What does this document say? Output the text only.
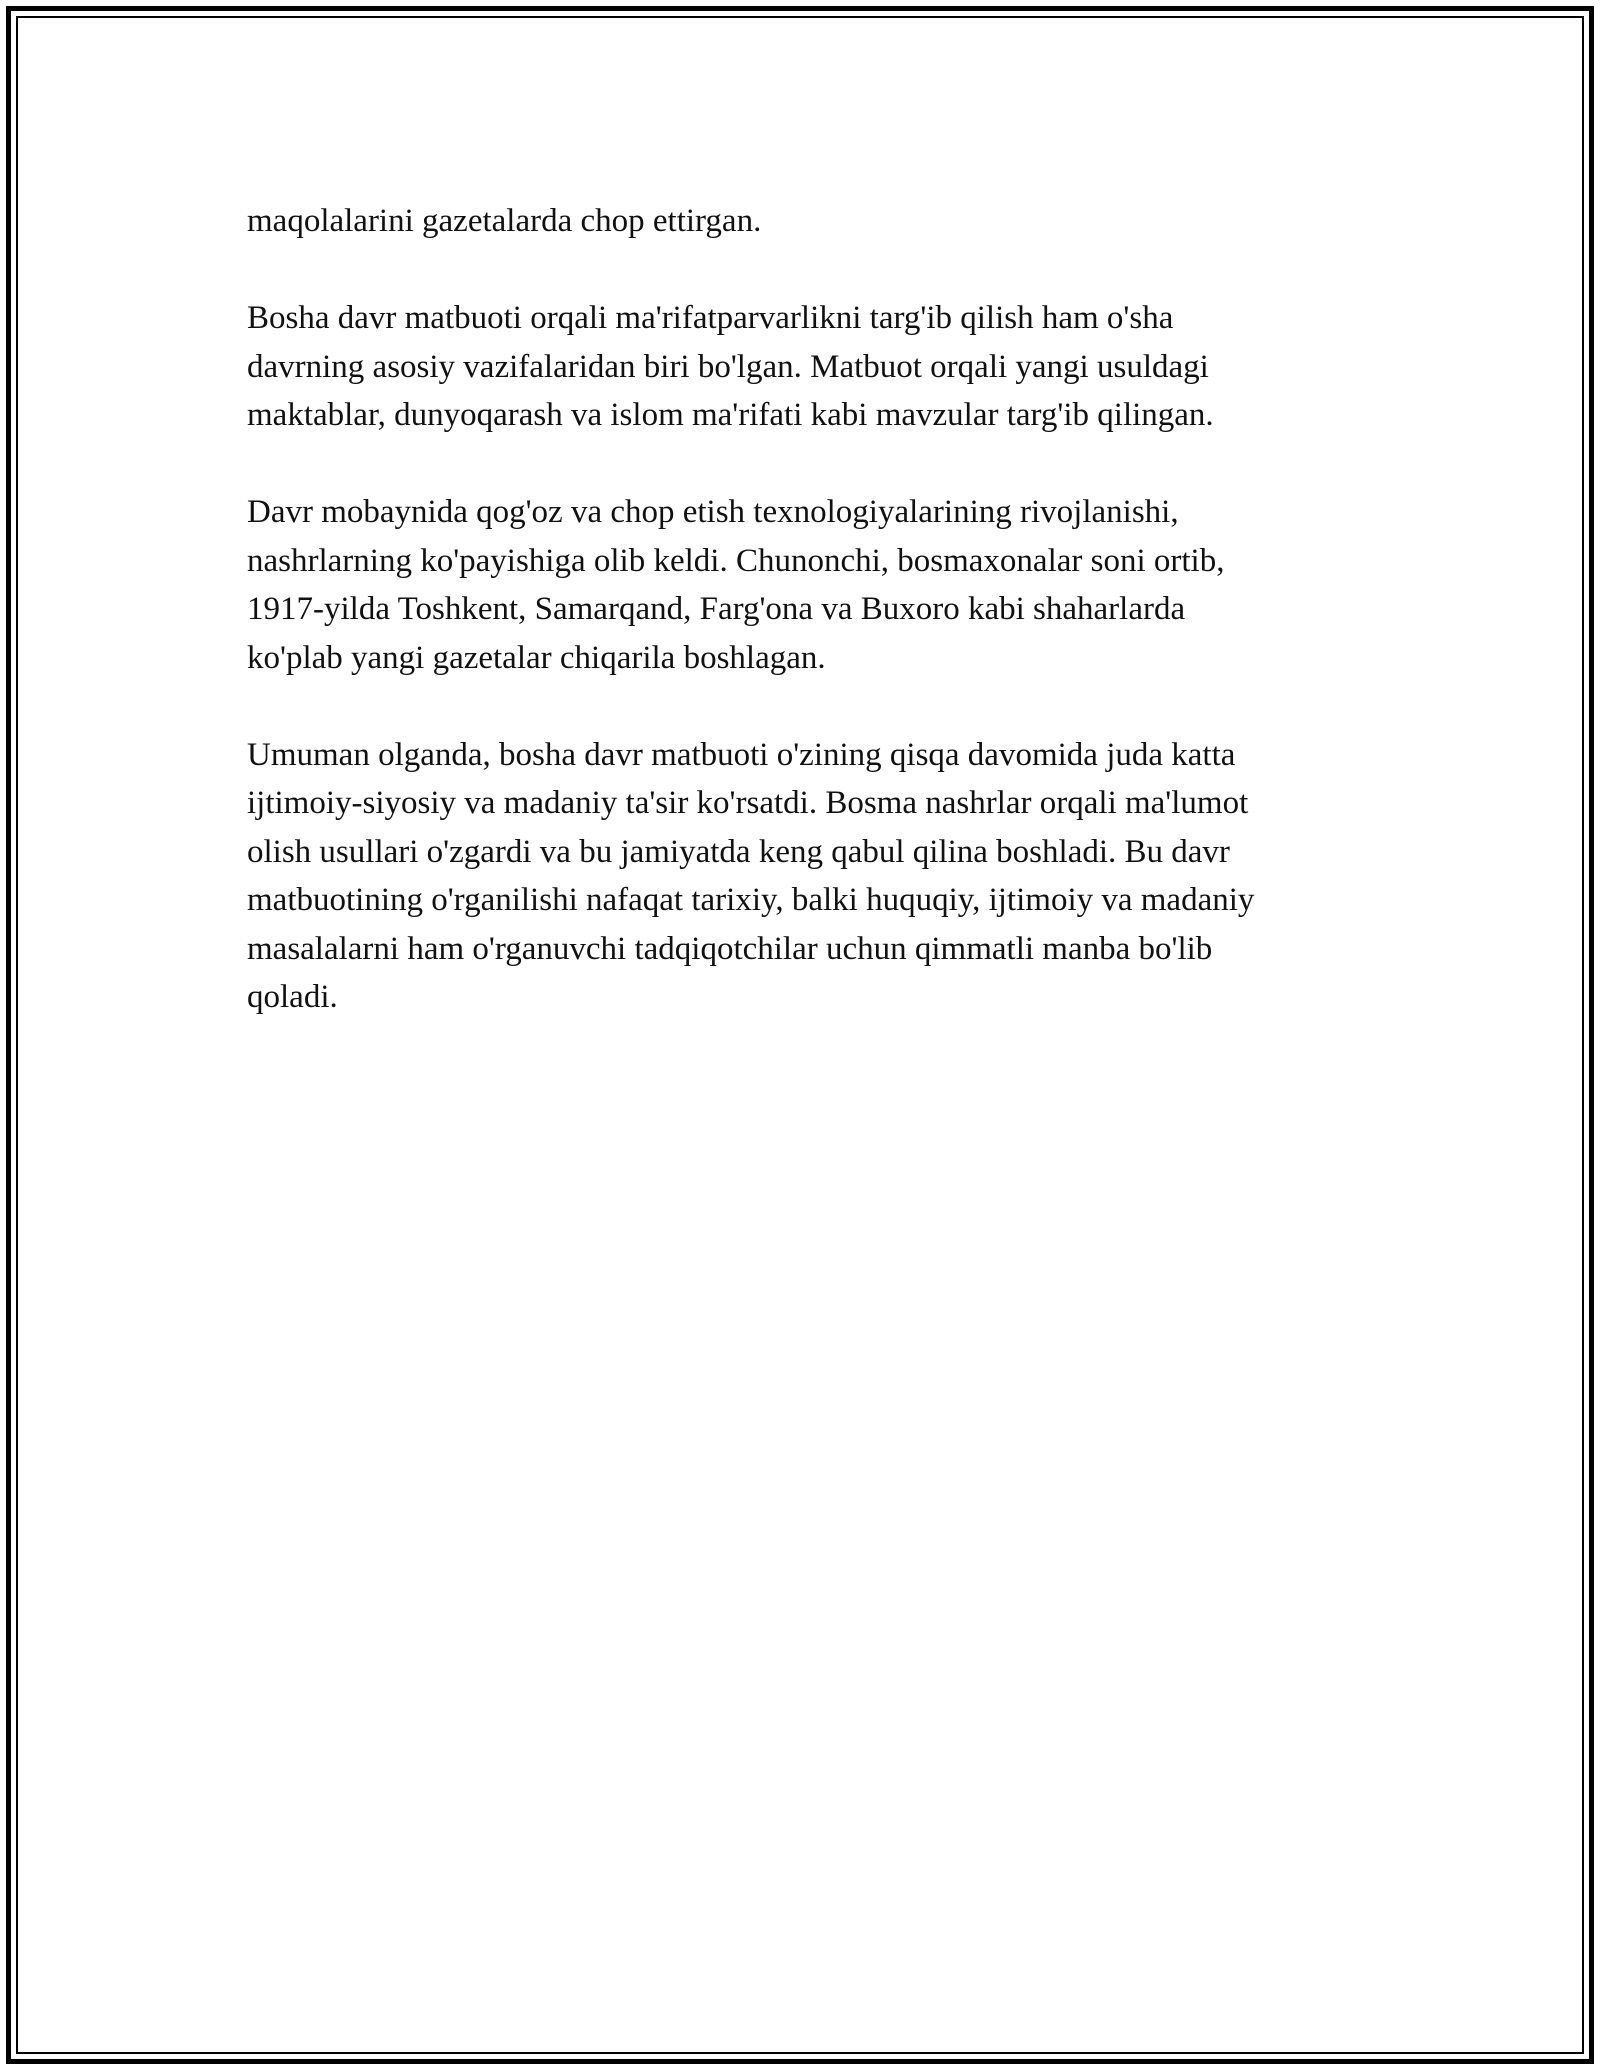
maqolalarini gazetalarda chop ettirgan.

Bosha davr matbuoti orqali ma'rifatparvarlikni targ'ib qilish ham o'sha
davrning asosiy vazifalaridan biri bo'lgan. Matbuot orqali yangi usuldagi
maktablar, dunyoqarash va islom ma'rifati kabi mavzular targ'ib qilingan.

Davr mobaynida qog'oz va chop etish texnologiyalarining rivojlanishi,
nashrlarning ko'payishiga olib keldi. Chunonchi, bosmaxonalar soni ortib,
1917-yilda Toshkent, Samarqand, Farg'ona va Buxoro kabi shaharlarda
ko'plab yangi gazetalar chiqarila boshlagan.

Umuman olganda, bosha davr matbuoti o'zining qisqa davomida juda katta
ijtimoiy-siyosiy va madaniy ta'sir ko'rsatdi. Bosma nashrlar orqali ma'lumot
olish usullari o'zgardi va bu jamiyatda keng qabul qilina boshladi. Bu davr
matbuotining o'rganilishi nafaqat tarixiy, balki huquqiy, ijtimoiy va madaniy
masalalarni ham o'rganuvchi tadqiqotchilar uchun qimmatli manba bo'lib
qoladi.
